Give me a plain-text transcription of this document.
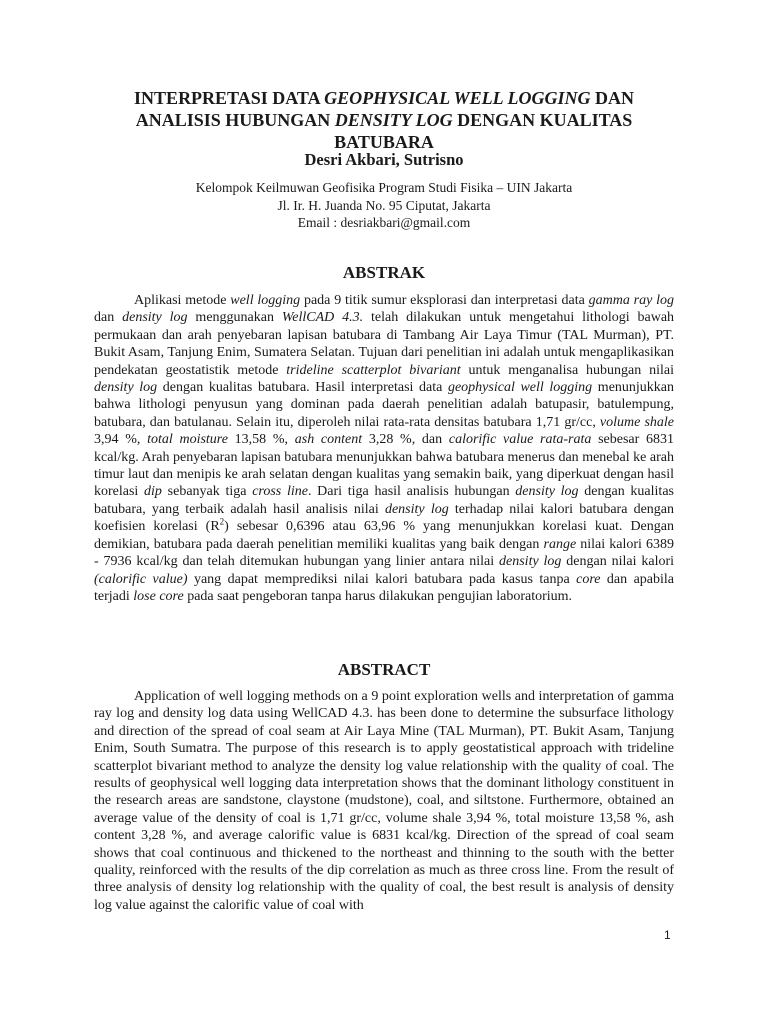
INTERPRETASI DATA GEOPHYSICAL WELL LOGGING DAN ANALISIS HUBUNGAN DENSITY LOG DENGAN KUALITAS BATUBARA
Desri Akbari, Sutrisno
Kelompok Keilmuwan Geofisika Program Studi Fisika – UIN Jakarta
Jl. Ir. H. Juanda No. 95 Ciputat, Jakarta
Email : desriakbari@gmail.com
ABSTRAK

Aplikasi metode well logging pada 9 titik sumur eksplorasi dan interpretasi data gamma ray log dan density log menggunakan WellCAD 4.3. telah dilakukan untuk mengetahui lithologi bawah permukaan dan arah penyebaran lapisan batubara di Tambang Air Laya Timur (TAL Murman), PT. Bukit Asam, Tanjung Enim, Sumatera Selatan. Tujuan dari penelitian ini adalah untuk mengaplikasikan pendekatan geostatistik metode trideline scatterplot bivariant untuk menganalisa hubungan nilai density log dengan kualitas batubara. Hasil interpretasi data geophysical well logging menunjukkan bahwa lithologi penyusun yang dominan pada daerah penelitian adalah batupasir, batulempung, batubara, dan batulanau. Selain itu, diperoleh nilai rata-rata densitas batubara 1,71 gr/cc, volume shale 3,94 %, total moisture 13,58 %, ash content 3,28 %, dan calorific value rata-rata sebesar 6831 kcal/kg. Arah penyebaran lapisan batubara menunjukkan bahwa batubara menerus dan menebal ke arah timur laut dan menipis ke arah selatan dengan kualitas yang semakin baik, yang diperkuat dengan hasil korelasi dip sebanyak tiga cross line. Dari tiga hasil analisis hubungan density log dengan kualitas batubara, yang terbaik adalah hasil analisis nilai density log terhadap nilai kalori batubara dengan koefisien korelasi $(R^2)$ sebesar 0,6396 atau 63,96 % yang menunjukkan korelasi kuat. Dengan demikian, batubara pada daerah penelitian memiliki kualitas yang baik dengan range nilai kalori 6389 - 7936 kcal/kg dan telah ditemukan hubungan yang linier antara nilai density log dengan nilai kalori (calorific value) yang dapat memprediksi nilai kalori batubara pada kasus tanpa core dan apabila terjadi lose core pada saat pengeboran tanpa harus dilakukan pengujian laboratorium.

ABSTRACT

Application of well logging methods on a 9 point exploration wells and interpretation of gamma ray log and density log data using WellCAD 4.3. has been done to determine the subsurface lithology and direction of the spread of coal seam at Air Laya Mine (TAL Murman), PT. Bukit Asam, Tanjung Enim, South Sumatra. The purpose of this research is to apply geostatistical approach with trideline scatterplot bivariant method to analyze the density log value relationship with the quality of coal. The results of geophysical well logging data interpretation shows that the dominant lithology constituent in the research areas are sandstone, claystone (mudstone), coal, and siltstone. Furthermore, obtained an average value of the density of coal is 1,71 gr/cc, volume shale 3,94 %, total moisture 13,58 %, ash content 3,28 %, and average calorific value is 6831 kcal/kg. Direction of the spread of coal seam shows that coal continuous and thickened to the northeast and thinning to the south with the better quality, reinforced with the results of the dip correlation as much as three cross line. From the result of three analysis of density log relationship with the quality of coal, the best result is analysis of density log value against the calorific value of coal with

1
